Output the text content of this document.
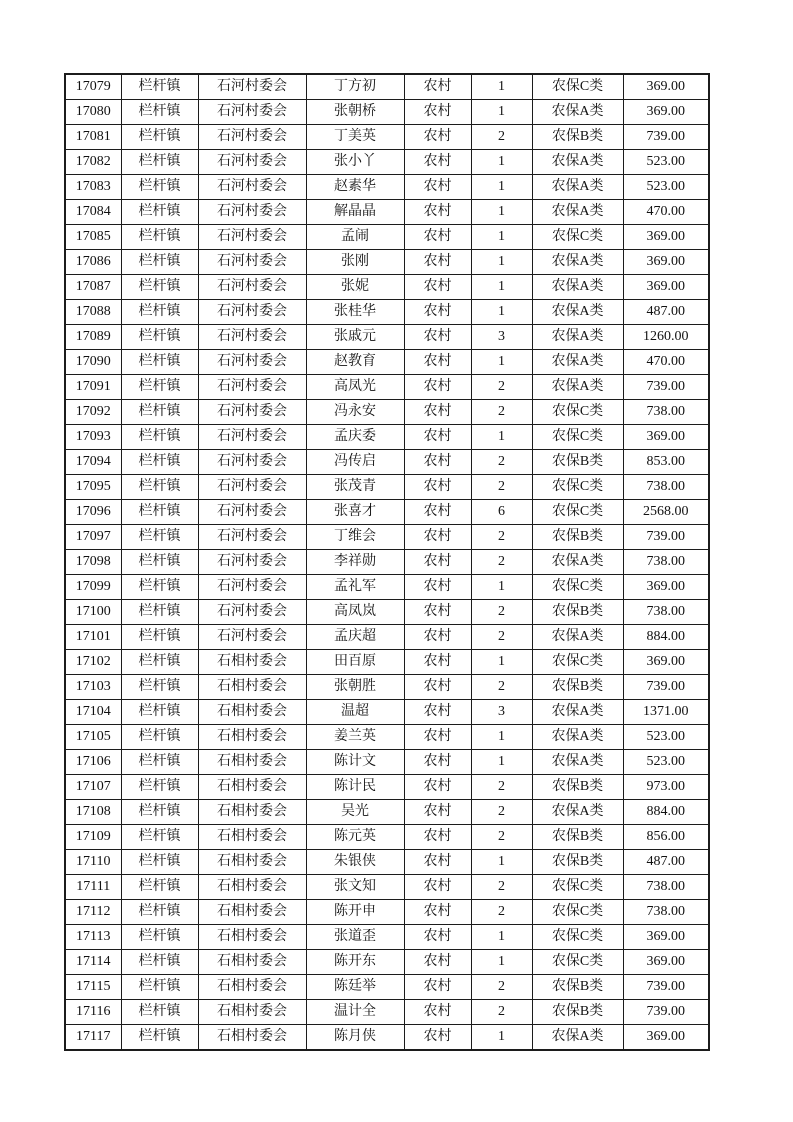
17079	栏杆镇	石河村委会	丁方初	农村	1	农保C类	369.00
17080	栏杆镇	石河村委会	张朝桥	农村	1	农保A类	369.00
17081	栏杆镇	石河村委会	丁美英	农村	2	农保B类	739.00
17082	栏杆镇	石河村委会	张小丫	农村	1	农保A类	523.00
17083	栏杆镇	石河村委会	赵素华	农村	1	农保A类	523.00
17084	栏杆镇	石河村委会	解晶晶	农村	1	农保A类	470.00
17085	栏杆镇	石河村委会	孟闹	农村	1	农保C类	369.00
17086	栏杆镇	石河村委会	张刚	农村	1	农保A类	369.00
17087	栏杆镇	石河村委会	张妮	农村	1	农保A类	369.00
17088	栏杆镇	石河村委会	张桂华	农村	1	农保A类	487.00
17089	栏杆镇	石河村委会	张戚元	农村	3	农保A类	1260.00
17090	栏杆镇	石河村委会	赵教育	农村	1	农保A类	470.00
17091	栏杆镇	石河村委会	高凤光	农村	2	农保A类	739.00
17092	栏杆镇	石河村委会	冯永安	农村	2	农保C类	738.00
17093	栏杆镇	石河村委会	孟庆委	农村	1	农保C类	369.00
17094	栏杆镇	石河村委会	冯传启	农村	2	农保B类	853.00
17095	栏杆镇	石河村委会	张茂青	农村	2	农保C类	738.00
17096	栏杆镇	石河村委会	张喜才	农村	6	农保C类	2568.00
17097	栏杆镇	石河村委会	丁维会	农村	2	农保B类	739.00
17098	栏杆镇	石河村委会	李祥勋	农村	2	农保A类	738.00
17099	栏杆镇	石河村委会	孟礼军	农村	1	农保C类	369.00
17100	栏杆镇	石河村委会	高凤岚	农村	2	农保B类	738.00
17101	栏杆镇	石河村委会	孟庆超	农村	2	农保A类	884.00
17102	栏杆镇	石相村委会	田百原	农村	1	农保C类	369.00
17103	栏杆镇	石相村委会	张朝胜	农村	2	农保B类	739.00
17104	栏杆镇	石相村委会	温超	农村	3	农保A类	1371.00
17105	栏杆镇	石相村委会	姜兰英	农村	1	农保A类	523.00
17106	栏杆镇	石相村委会	陈计文	农村	1	农保A类	523.00
17107	栏杆镇	石相村委会	陈计民	农村	2	农保B类	973.00
17108	栏杆镇	石相村委会	吴光	农村	2	农保A类	884.00
17109	栏杆镇	石相村委会	陈元英	农村	2	农保B类	856.00
17110	栏杆镇	石相村委会	朱银侠	农村	1	农保B类	487.00
17111	栏杆镇	石相村委会	张文知	农村	2	农保C类	738.00
17112	栏杆镇	石相村委会	陈开申	农村	2	农保C类	738.00
17113	栏杆镇	石相村委会	张道歪	农村	1	农保C类	369.00
17114	栏杆镇	石相村委会	陈开东	农村	1	农保C类	369.00
17115	栏杆镇	石相村委会	陈廷举	农村	2	农保B类	739.00
17116	栏杆镇	石相村委会	温计全	农村	2	农保B类	739.00
17117	栏杆镇	石相村委会	陈月侠	农村	1	农保A类	369.00
